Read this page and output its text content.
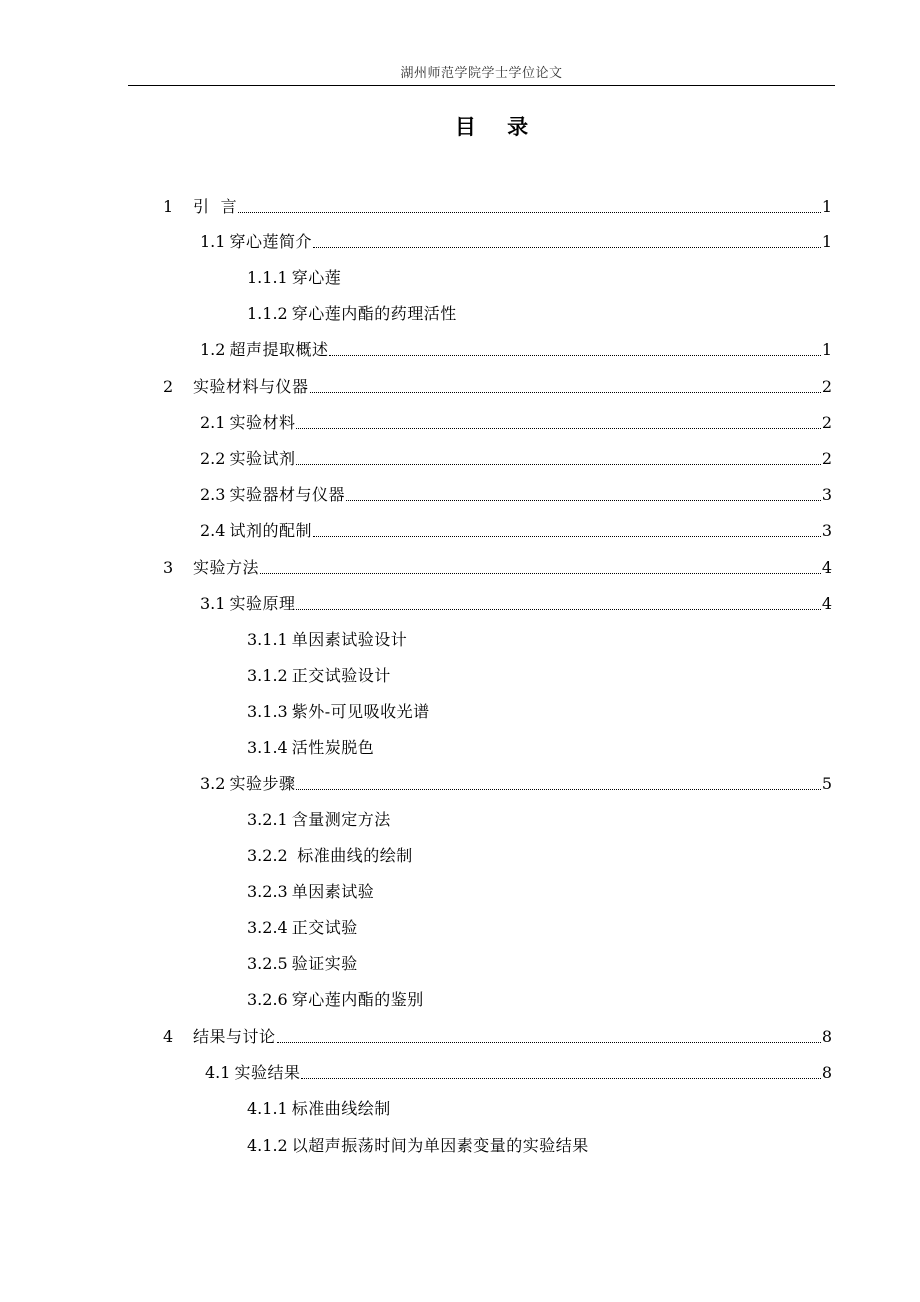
湖州师范学院学士学位论文
目 录
1	引  言	1
1.1 穿心莲简介	1
1.1.1 穿心莲
1.1.2 穿心莲内酯的药理活性
1.2 超声提取概述	1
2	实验材料与仪器	2
2.1 实验材料	2
2.2 实验试剂	2
2.3 实验器材与仪器	3
2.4 试剂的配制	3
3	实验方法	4
3.1 实验原理	4
3.1.1 单因素试验设计
3.1.2 正交试验设计
3.1.3 紫外-可见吸收光谱
3.1.4 活性炭脱色
3.2 实验步骤	5
3.2.1 含量测定方法
3.2.2 标准曲线的绘制
3.2.3 单因素试验
3.2.4 正交试验
3.2.5 验证实验
3.2.6 穿心莲内酯的鉴别
4	结果与讨论	8
4.1 实验结果	8
4.1.1 标准曲线绘制
4.1.2 以超声振荡时间为单因素变量的实验结果
